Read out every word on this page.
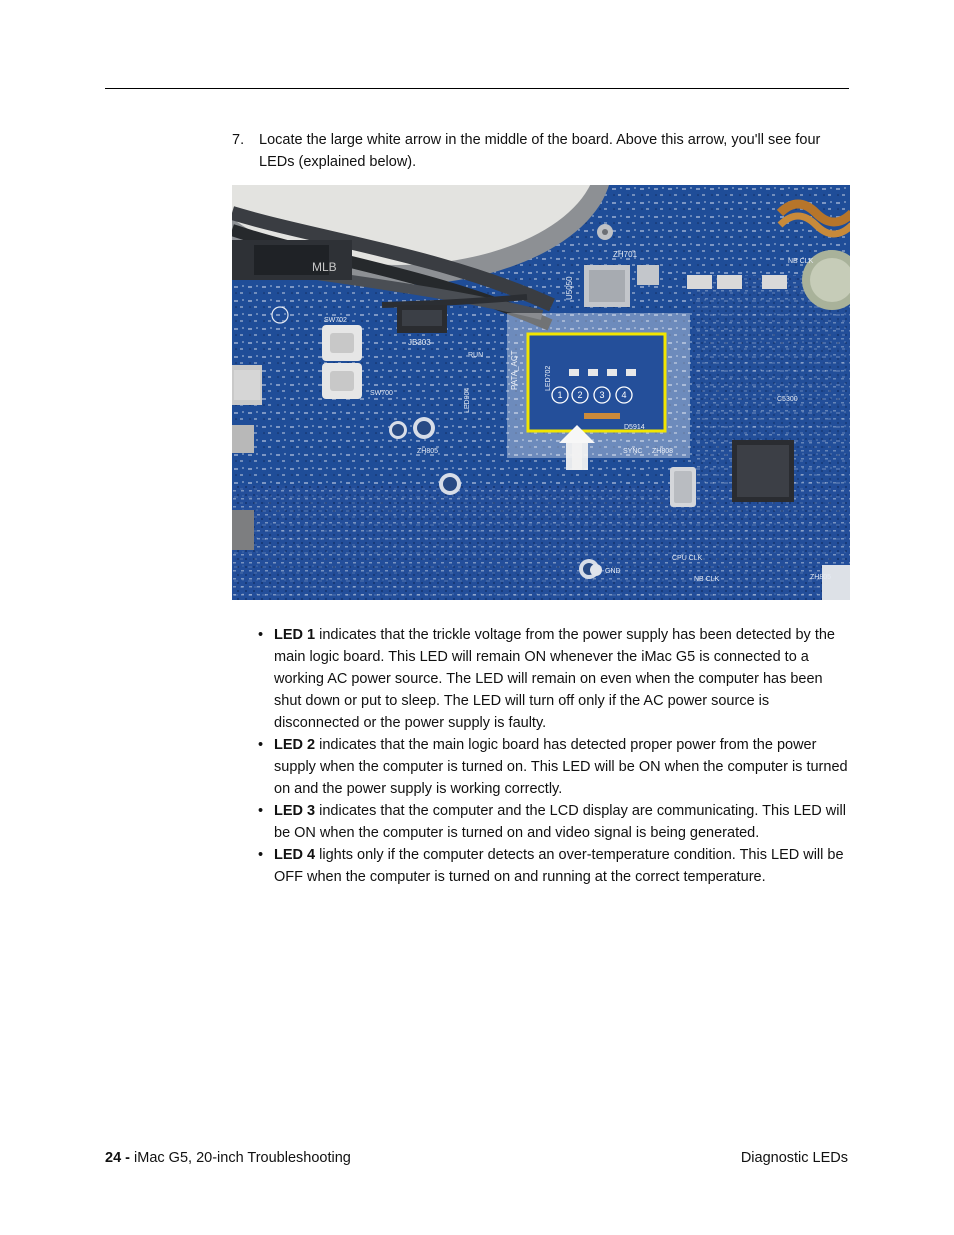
7. Locate the large white arrow in the middle of the board. Above this arrow, you'll see four LEDs (explained below).
MLB
JB303
SW702
SW700
ZH701
U5050
NB CLK
C5300
ZH805
GND
CPU CLK
NB CLK
RUN
LED904
ZH805
PATA_ACT
SYNC ZH808
LED702
D5914
1 2 3 4
• LED 1 indicates that the trickle voltage from the power supply has been detected by the main logic board. This LED will remain ON whenever the iMac G5 is connected to a working AC power source. The LED will remain on even when the computer has been shut down or put to sleep. The LED will turn off only if the AC power source is disconnected or the power supply is faulty.
• LED 2 indicates that the main logic board has detected proper power from the power supply when the computer is turned on. This LED will be ON when the computer is turned on and the power supply is working correctly.
• LED 3 indicates that the computer and the LCD display are communicating. This LED will be ON when the computer is turned on and video signal is being generated.
• LED 4 lights only if the computer detects an over-temperature condition. This LED will be OFF when the computer is turned on and running at the correct temperature.
24 - iMac G5, 20-inch Troubleshooting	Diagnostic LEDs
